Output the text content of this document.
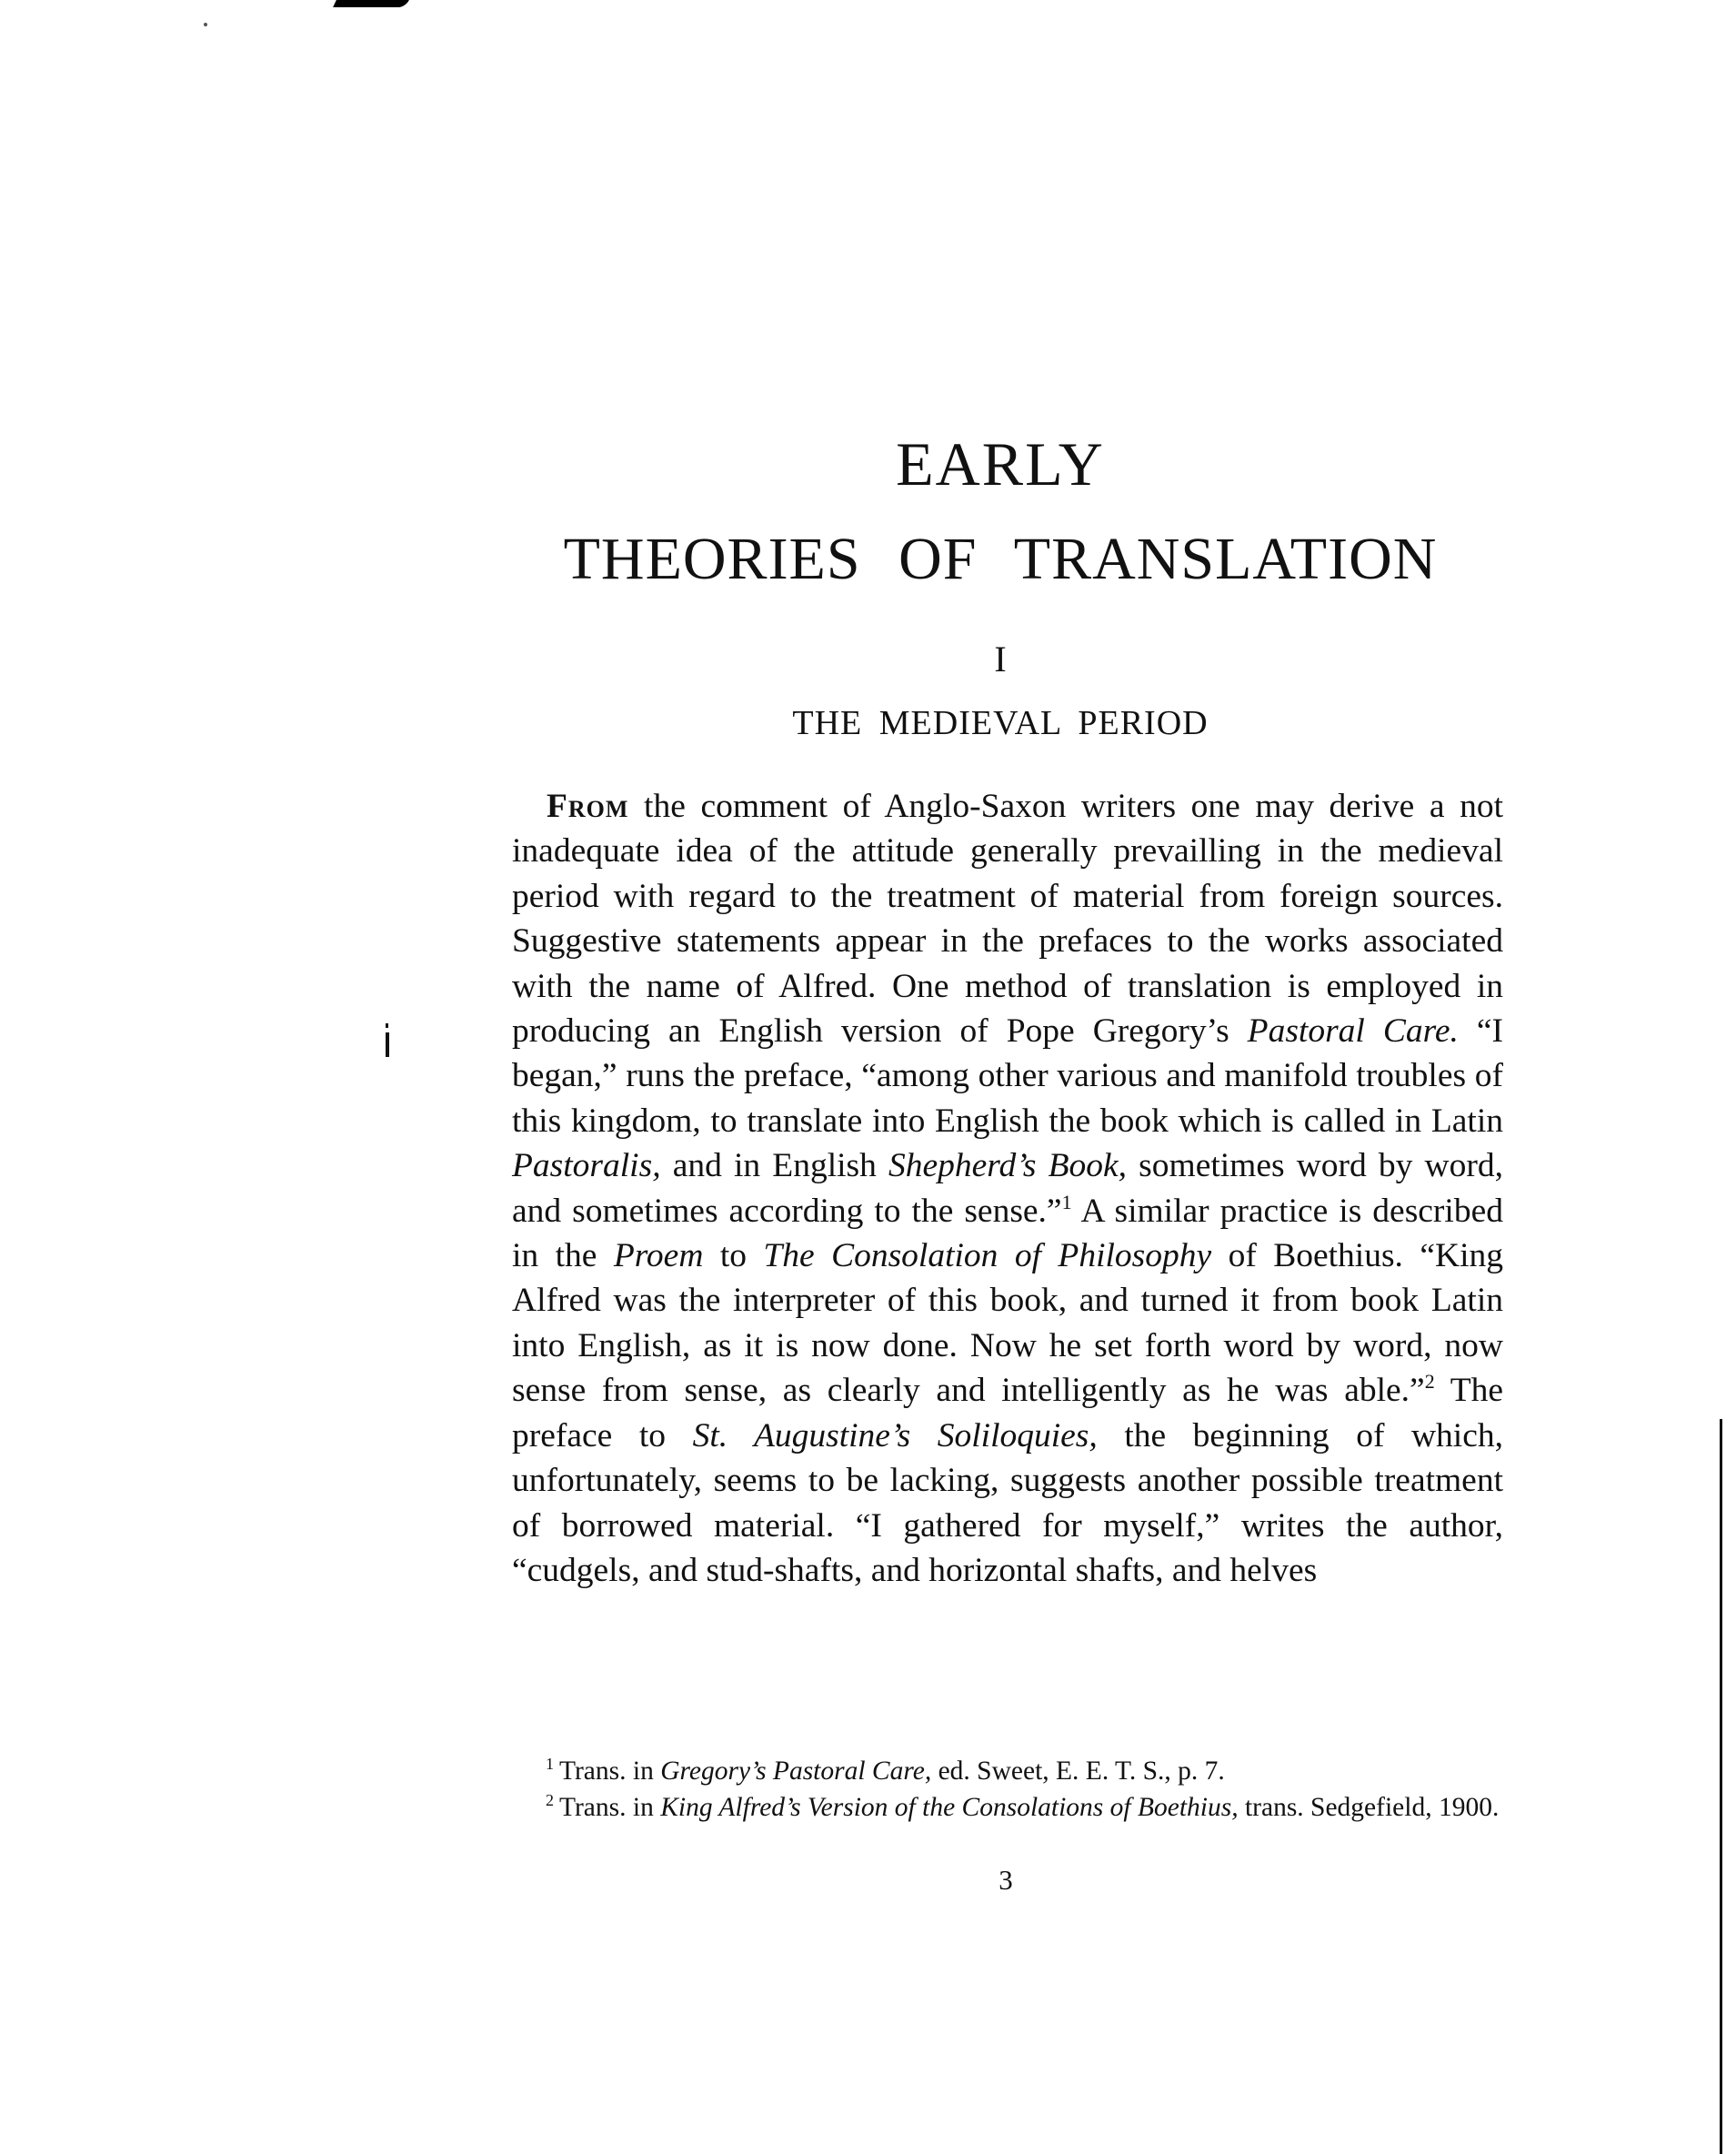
EARLY
THEORIES OF TRANSLATION
I
THE MEDIEVAL PERIOD
From the comment of Anglo-Saxon writers one may derive a not inadequate idea of the attitude generally prevailling in the medieval period with regard to the treatment of material from foreign sources. Suggestive statements appear in the prefaces to the works associated with the name of Alfred. One method of translation is employed in producing an English version of Pope Gregory’s Pastoral Care. “I began,” runs the preface, “among other various and manifold troubles of this kingdom, to translate into English the book which is called in Latin Pastoralis, and in English Shepherd’s Book, sometimes word by word, and sometimes according to the sense.”$^1$ A similar practice is described in the Proem to The Consolation of Philosophy of Boethius. “King Alfred was the interpreter of this book, and turned it from book Latin into English, as it is now done. Now he set forth word by word, now sense from sense, as clearly and intelligently as he was able.”$^2$ The preface to St. Augustine’s Soliloquies, the beginning of which, unfortunately, seems to be lacking, suggests another possible treatment of borrowed material. “I gathered for myself,” writes the author, “cudgels, and stud-shafts, and horizontal shafts, and helves
$^1$ Trans. in Gregory’s Pastoral Care, ed. Sweet, E. E. T. S., p. 7.
$^2$ Trans. in King Alfred’s Version of the Consolations of Boethius, trans. Sedgefield, 1900.
3
